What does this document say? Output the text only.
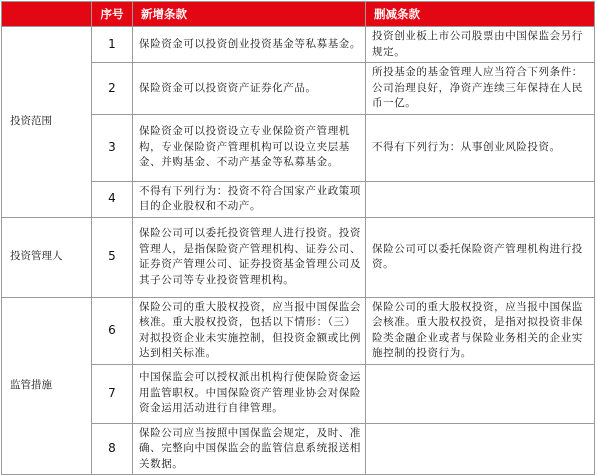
	序号	新增条款	删减条款
投资范围	1	保险资金可以投资创业投资基金等私募基金。	投资创业板上市公司股票由中国保监会另行规定。
	2	保险资金可以投资资产证券化产品。	所投基金的基金管理人应当符合下列条件：公司治理良好，净资产连续三年保持在人民币一亿。
	3	保险资金可以投资设立专业保险资产管理机构，专业保险资产管理机构可以设立夹层基金、并购基金、不动产基金等私募基金。	不得有下列行为：从事创业风险投资。
	4	不得有下列行为：投资不符合国家产业政策项目的企业股权和不动产。	
投资管理人	5	保险公司可以委托投资管理人进行投资。投资管理人，是指保险资产管理机构、证券公司、证券资产管理公司、证券投资基金管理公司及其子公司等专业投资管理机构。	保险公司可以委托保险资产管理机构进行投资。
监管措施	6	保险公司的重大股权投资，应当报中国保监会核准。重大股权投资，包括以下情形：（三）对拟投资企业未实施控制，但投资金额或比例达到相关标准。	保险公司的重大股权投资，应当报中国保监会核准。重大股权投资，是指对拟投资非保险类金融企业或者与保险业务相关的企业实施控制的投资行为。
	7	中国保监会可以授权派出机构行使保险资金运用监管职权。中国保险资产管理业协会对保险资金运用活动进行自律管理。	
	8	保险公司应当按照中国保监会规定，及时、准确、完整向中国保监会的监管信息系统报送相关数据。	
